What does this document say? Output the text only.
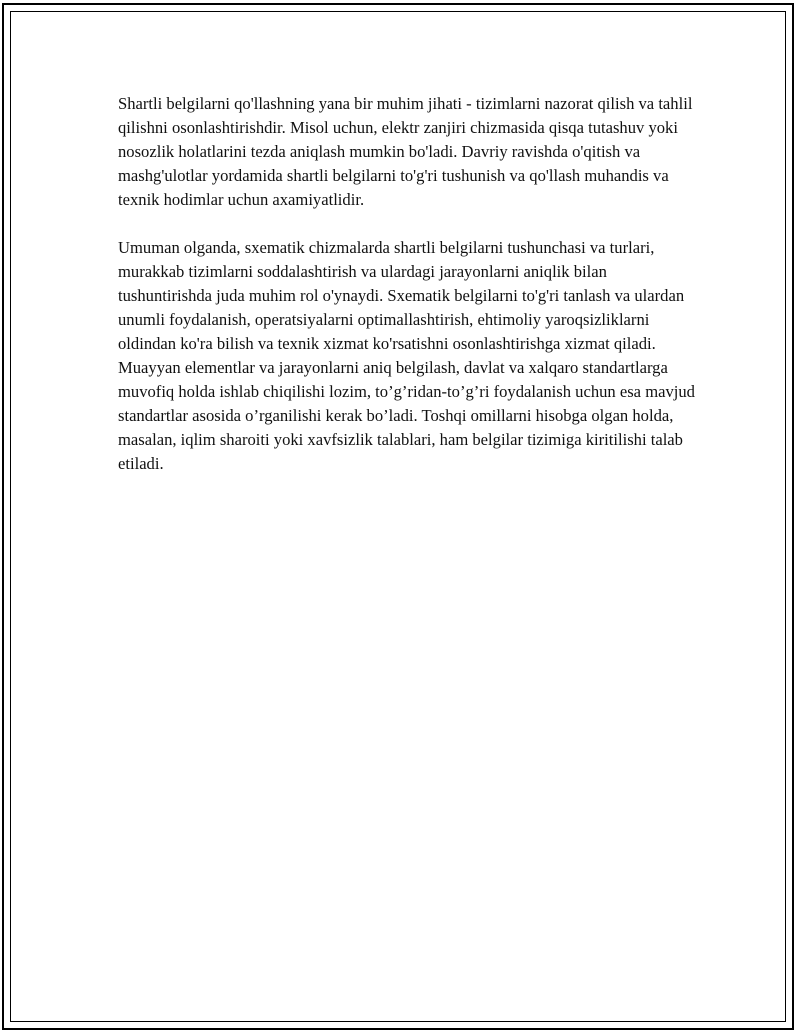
Shartli belgilarni qo'llashning yana bir muhim jihati - tizimlarni nazorat qilish va tahlil qilishni osonlashtirishdir. Misol uchun, elektr zanjiri chizmasida qisqa tutashuv yoki nosozlik holatlarini tezda aniqlash mumkin bo'ladi. Davriy ravishda o'qitish va mashg'ulotlar yordamida shartli belgilarni to'g'ri tushunish va qo'llash muhandis va texnik hodimlar uchun axamiyatlidir.

Umuman olganda, sxematik chizmalarda shartli belgilarni tushunchasi va turlari, murakkab tizimlarni soddalashtirish va ulardagi jarayonlarni aniqlik bilan tushuntirishda juda muhim rol o'ynaydi. Sxematik belgilarni to'g'ri tanlash va ulardan unumli foydalanish, operatsiyalarni optimallashtirish, ehtimoliy yaroqsizliklarni oldindan ko'ra bilish va texnik xizmat ko'rsatishni osonlashtirishga xizmat qiladi. Muayyan elementlar va jarayonlarni aniq belgilash, davlat va xalqaro standartlarga muvofiq holda ishlab chiqilishi lozim, to’g’ridan-to’g’ri foydalanish uchun esa mavjud standartlar asosida o’rganilishi kerak bo’ladi. Toshqi omillarni hisobga olgan holda, masalan, iqlim sharoiti yoki xavfsizlik talablari, ham belgilar tizimiga kiritilishi talab etiladi.
